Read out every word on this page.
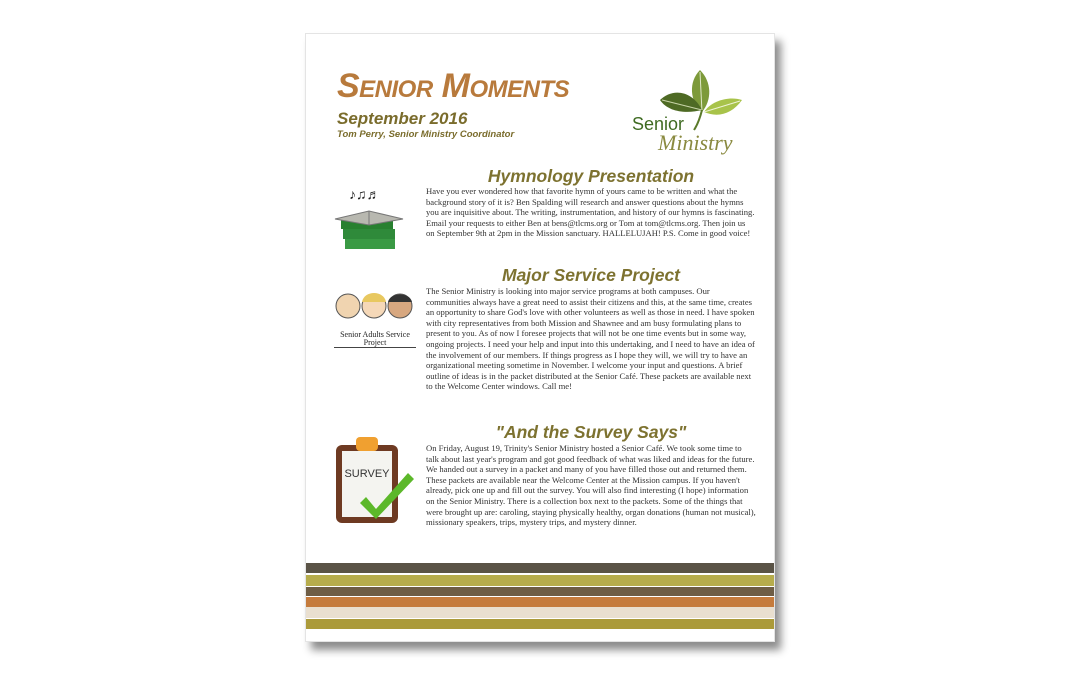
Senior Moments
September 2016
Tom Perry, Senior Ministry Coordinator
Senior
Ministry
Hymnology Presentation
Have you ever wondered how that favorite hymn of yours came to be written and what the background story of it is? Ben Spalding will research and answer questions about the hymns you are inquisitive about. The writing, instrumentation, and history of our hymns is fascinating. Email your requests to either Ben at bens@tlcms.org or Tom at tom@tlcms.org. Then join us on September 9th at 2pm in the Mission sanctuary. HALLELUJAH! P.S. Come in good voice!
♪♫♬
Major Service Project
The Senior Ministry is looking into major service programs at both campuses. Our communities always have a great need to assist their citizens and this, at the same time, creates an opportunity to share God's love with other volunteers as well as those in need. I have spoken with city representatives from both Mission and Shawnee and am busy formulating plans to present to you. As of now I foresee projects that will not be one time events but in some way, ongoing projects. I need your help and input into this undertaking, and I need to have an idea of the involvement of our members. If things progress as I hope they will, we will try to have an organizational meeting sometime in November. I welcome your input and questions. A brief outline of ideas is in the packet distributed at the Senior Café. These packets are available next to the Welcome Center windows. Call me!
Senior Adults Service Project
"And the Survey Says"
On Friday, August 19, Trinity's Senior Ministry hosted a Senior Café. We took some time to talk about last year's program and got good feedback of what was liked and ideas for the future. We handed out a survey in a packet and many of you have filled those out and returned them. These packets are available near the Welcome Center at the Mission campus. If you haven't already, pick one up and fill out the survey. You will also find interesting (I hope) information on the Senior Ministry. There is a collection box next to the packets. Some of the things that were brought up are: caroling, staying physically healthy, organ donations (human not musical), missionary speakers, trips, mystery trips, and mystery dinner.
SURVEY
